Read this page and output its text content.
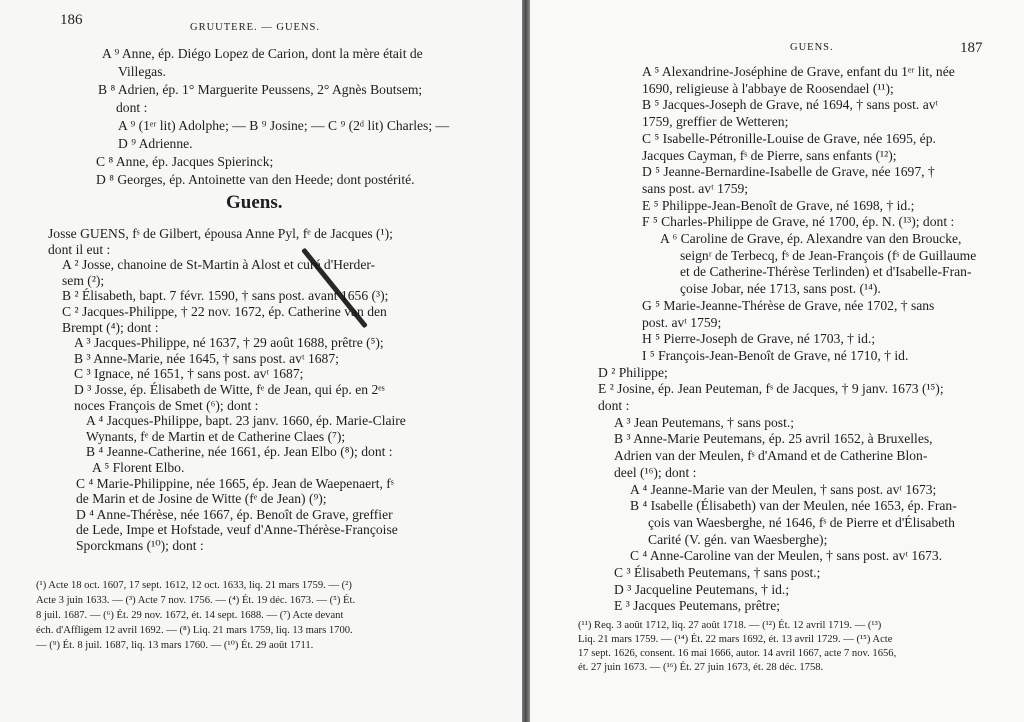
186	GRUUTERE. — GUENS.
A ⁹ Anne, ép. Diégo Lopez de Carion, dont la mère était de
Villegas.
B ⁸ Adrien, ép. 1° Marguerite Peussens, 2° Agnès Boutsem;
dont :
A ⁹ (1ᵉʳ lit) Adolphe; — B ⁹ Josine; — C ⁹ (2ᵈ lit) Charles; —
D ⁹ Adrienne.
C ⁸ Anne, ép. Jacques Spierinck;
D ⁸ Georges, ép. Antoinette van den Heede; dont postérité.
Guens.
Josse GUENS, fˢ de Gilbert, épousa Anne Pyl, fᵉ de Jacques (¹);
dont il eut :
A ² Josse, chanoine de St-Martin à Alost et curé d'Herder-
sem (²);
B ² Élisabeth, bapt. 7 févr. 1590, † sans post. avant 1656 (³);
C ² Jacques-Philippe, † 22 nov. 1672, ép. Catherine van den
Brempt (⁴); dont :
A ³ Jacques-Philippe, né 1637, † 29 août 1688, prêtre (⁵);
B ³ Anne-Marie, née 1645, † sans post. avᵗ 1687;
C ³ Ignace, né 1651, † sans post. avᵗ 1687;
D ³ Josse, ép. Élisabeth de Witte, fᵉ de Jean, qui ép. en 2ᵉˢ
noces François de Smet (⁶); dont :
A ⁴ Jacques-Philippe, bapt. 23 janv. 1660, ép. Marie-Claire
Wynants, fᵉ de Martin et de Catherine Claes (⁷);
B ⁴ Jeanne-Catherine, née 1661, ép. Jean Elbo (⁸); dont :
A ⁵ Florent Elbo.
C ⁴ Marie-Philippine, née 1665, ép. Jean de Waepenaert, fˢ
de Marin et de Josine de Witte (fᵉ de Jean) (⁹);
D ⁴ Anne-Thérèse, née 1667, ép. Benoît de Grave, greffier
de Lede, Impe et Hofstade, veuf d'Anne-Thérèse-Françoise
Sporckmans (¹⁰); dont :
(¹) Acte 18 oct. 1607, 17 sept. 1612, 12 oct. 1633, liq. 21 mars 1759. — (²)
Acte 3 juin 1633. — (³) Acte 7 nov. 1756. — (⁴) Ét. 19 déc. 1673. — (⁵) Ét.
8 juil. 1687. — (⁶) Ét. 29 nov. 1672, ét. 14 sept. 1688. — (⁷) Acte devant
éch. d'Affligem 12 avril 1692. — (⁸) Liq. 21 mars 1759, liq. 13 mars 1700.
— (⁹) Ét. 8 juil. 1687, liq. 13 mars 1760. — (¹⁰) Ét. 29 août 1711.
GUENS.	187
A ⁵ Alexandrine-Joséphine de Grave, enfant du 1ᵉʳ lit, née
1690, religieuse à l'abbaye de Roosendael (¹¹);
B ⁵ Jacques-Joseph de Grave, né 1694, † sans post. avᵗ
1759, greffier de Wetteren;
C ⁵ Isabelle-Pétronille-Louise de Grave, née 1695, ép.
Jacques Cayman, fˢ de Pierre, sans enfants (¹²);
D ⁵ Jeanne-Bernardine-Isabelle de Grave, née 1697, †
sans post. avᵗ 1759;
E ⁵ Philippe-Jean-Benoît de Grave, né 1698, † id.;
F ⁵ Charles-Philippe de Grave, né 1700, ép. N. (¹³); dont :
A ⁶ Caroline de Grave, ép. Alexandre van den Broucke,
seignʳ de Terbecq, fˢ de Jean-François (fˢ de Guillaume
et de Catherine-Thérèse Terlinden) et d'Isabelle-Fran-
çoise Jobar, née 1713, sans post. (¹⁴).
G ⁵ Marie-Jeanne-Thérèse de Grave, née 1702, † sans
post. avᵗ 1759;
H ⁵ Pierre-Joseph de Grave, né 1703, † id.;
I ⁵ François-Jean-Benoît de Grave, né 1710, † id.
D ² Philippe;
E ² Josine, ép. Jean Peuteman, fˢ de Jacques, † 9 janv. 1673 (¹⁵);
dont :
A ³ Jean Peutemans, † sans post.;
B ³ Anne-Marie Peutemans, ép. 25 avril 1652, à Bruxelles,
Adrien van der Meulen, fˢ d'Amand et de Catherine Blon-
deel (¹⁶); dont :
A ⁴ Jeanne-Marie van der Meulen, † sans post. avᵗ 1673;
B ⁴ Isabelle (Élisabeth) van der Meulen, née 1653, ép. Fran-
çois van Waesberghe, né 1646, fˢ de Pierre et d'Élisabeth
Carité (V. gén. van Waesberghe);
C ⁴ Anne-Caroline van der Meulen, † sans post. avᵗ 1673.
C ³ Élisabeth Peutemans, † sans post.;
D ³ Jacqueline Peutemans, † id.;
E ³ Jacques Peutemans, prêtre;
(¹¹) Req. 3 août 1712, liq. 27 août 1718. — (¹²) Ét. 12 avril 1719. — (¹³)
Liq. 21 mars 1759. — (¹⁴) Ét. 22 mars 1692, ét. 13 avril 1729. — (¹⁵) Acte
17 sept. 1626, consent. 16 mai 1666, autor. 14 avril 1667, acte 7 nov. 1656,
ét. 27 juin 1673. — (¹⁶) Ét. 27 juin 1673, ét. 28 déc. 1758.
